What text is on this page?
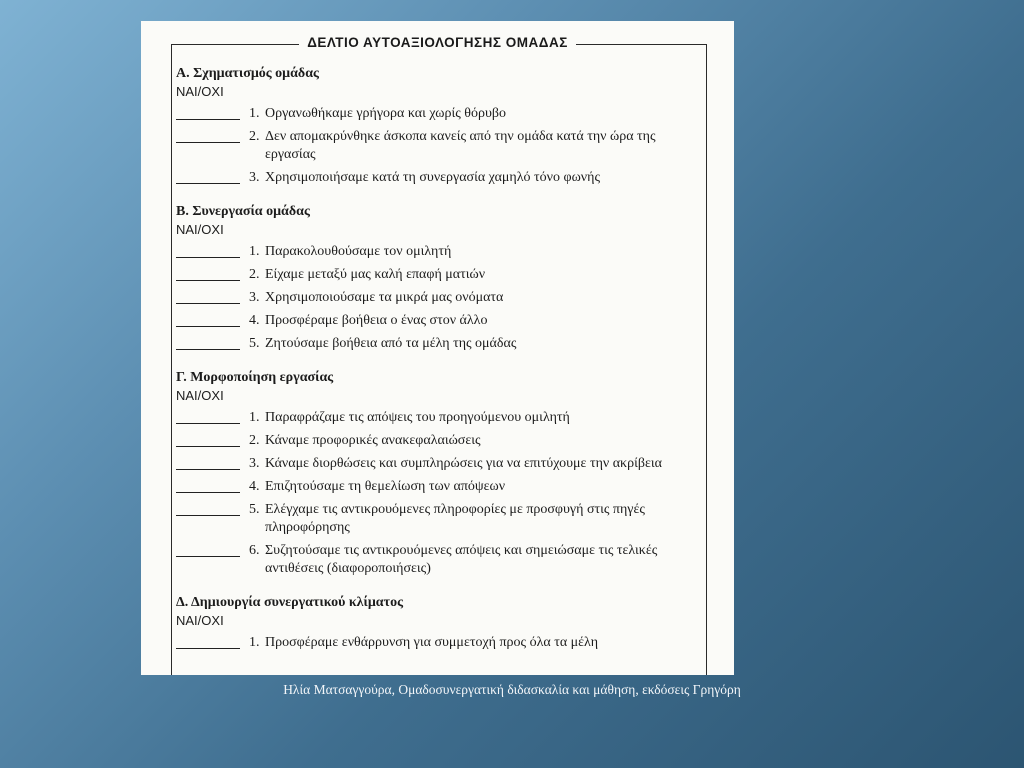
ΔΕΛΤΙΟ ΑΥΤΟΑΞΙΟΛΟΓΗΣΗΣ ΟΜΑΔΑΣ
Α. Σχηματισμός ομάδας
ΝΑΙ/ΟΧΙ
1. Οργανωθήκαμε γρήγορα και χωρίς θόρυβο
2. Δεν απομακρύνθηκε άσκοπα κανείς από την ομάδα κατά την ώρα της εργασίας
3. Χρησιμοποιήσαμε κατά τη συνεργασία χαμηλό τόνο φωνής
Β. Συνεργασία ομάδας
ΝΑΙ/ΟΧΙ
1. Παρακολουθούσαμε τον ομιλητή
2. Είχαμε μεταξύ μας καλή επαφή ματιών
3. Χρησιμοποιούσαμε τα μικρά μας ονόματα
4. Προσφέραμε βοήθεια ο ένας στον άλλο
5. Ζητούσαμε βοήθεια από τα μέλη της ομάδας
Γ. Μορφοποίηση εργασίας
ΝΑΙ/ΟΧΙ
1. Παραφράζαμε τις απόψεις του προηγούμενου ομιλητή
2. Κάναμε προφορικές ανακεφαλαιώσεις
3. Κάναμε διορθώσεις και συμπληρώσεις για να επιτύχουμε την ακρίβεια
4. Επιζητούσαμε τη θεμελίωση των απόψεων
5. Ελέγχαμε τις αντικρουόμενες πληροφορίες με προσφυγή στις πηγές πληροφόρησης
6. Συζητούσαμε τις αντικρουόμενες απόψεις και σημειώσαμε τις τελικές αντιθέσεις (διαφοροποιήσεις)
Δ. Δημιουργία συνεργατικού κλίματος
ΝΑΙ/ΟΧΙ
1. Προσφέραμε ενθάρρυνση για συμμετοχή προς όλα τα μέλη
Ηλία Ματσαγγούρα, Ομαδοσυνεργατική διδασκαλία και μάθηση, εκδόσεις Γρηγόρη
